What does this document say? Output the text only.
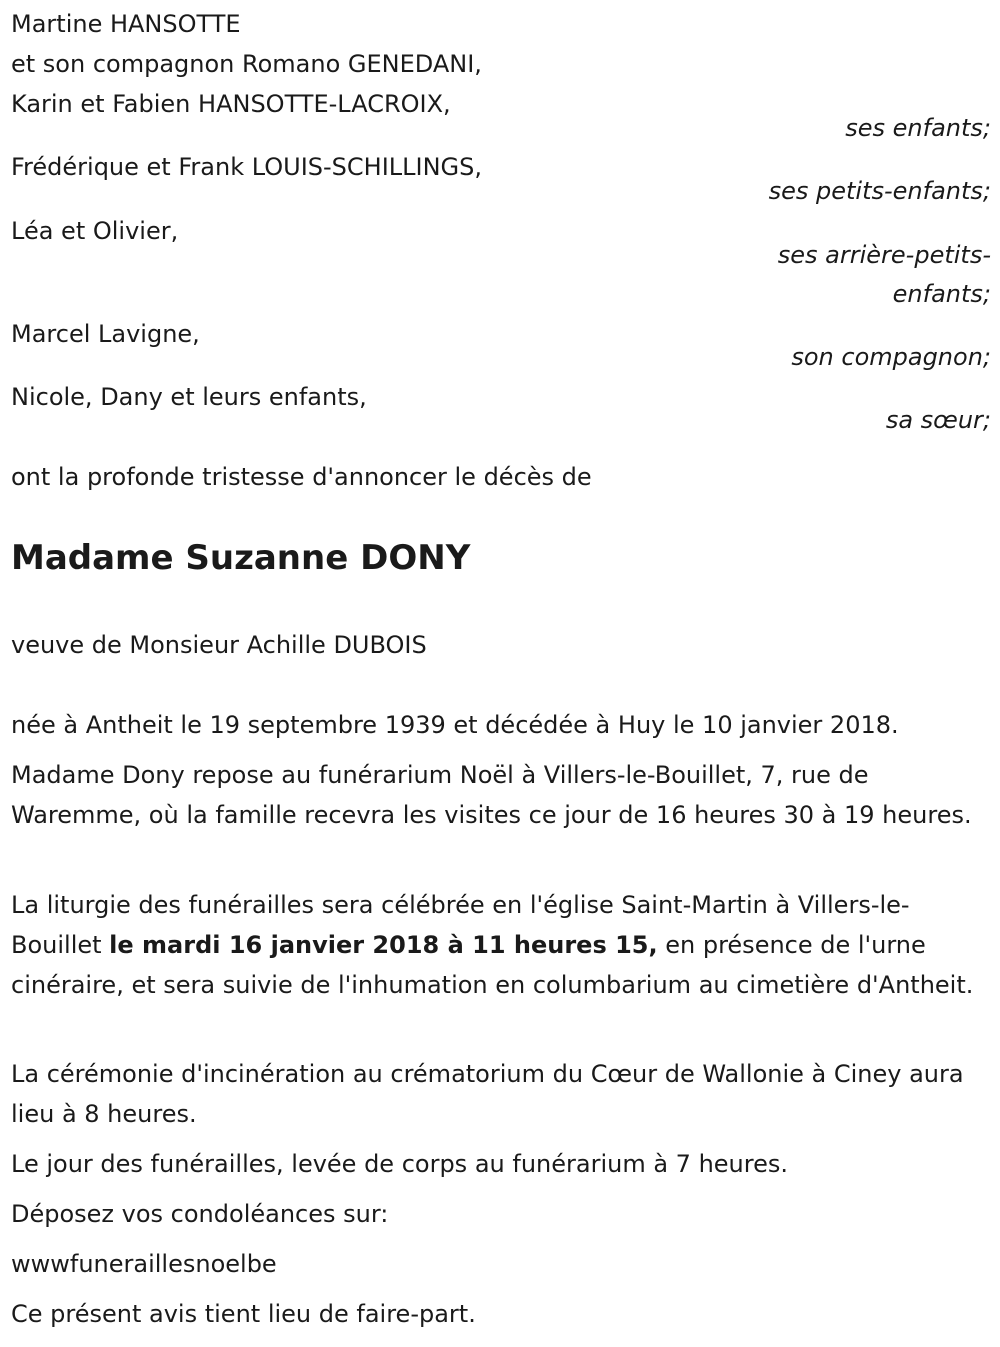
Martine HANSOTTE
et son compagnon Romano GENEDANI,
Karin et Fabien HANSOTTE-LACROIX,
ses enfants;
Frédérique et Frank LOUIS-SCHILLINGS,
ses petits-enfants;
Léa et Olivier,
ses arrière-petits-
enfants;
Marcel Lavigne,
son compagnon;
Nicole, Dany et leurs enfants,
sa sœur;
ont la profonde tristesse d'annoncer le décès de
Madame Suzanne DONY
veuve de Monsieur Achille DUBOIS
née à Antheit le 19 septembre 1939 et décédée à Huy le 10 janvier 2018.
Madame Dony repose au funérarium Noël à Villers-le-Bouillet, 7, rue de Waremme, où la famille recevra les visites ce jour de 16 heures 30 à 19 heures.
La liturgie des funérailles sera célébrée en l'église Saint-Martin à Villers-le-Bouillet le mardi 16 janvier 2018 à 11 heures 15, en présence de l'urne cinéraire, et sera suivie de l'inhumation en columbarium au cimetière d'Antheit.
La cérémonie d'incinération au crématorium du Cœur de Wallonie à Ciney aura lieu à 8 heures.
Le jour des funérailles, levée de corps au funérarium à 7 heures.
Déposez vos condoléances sur:
wwwfuneraillesnoelbe
Ce présent avis tient lieu de faire-part.
